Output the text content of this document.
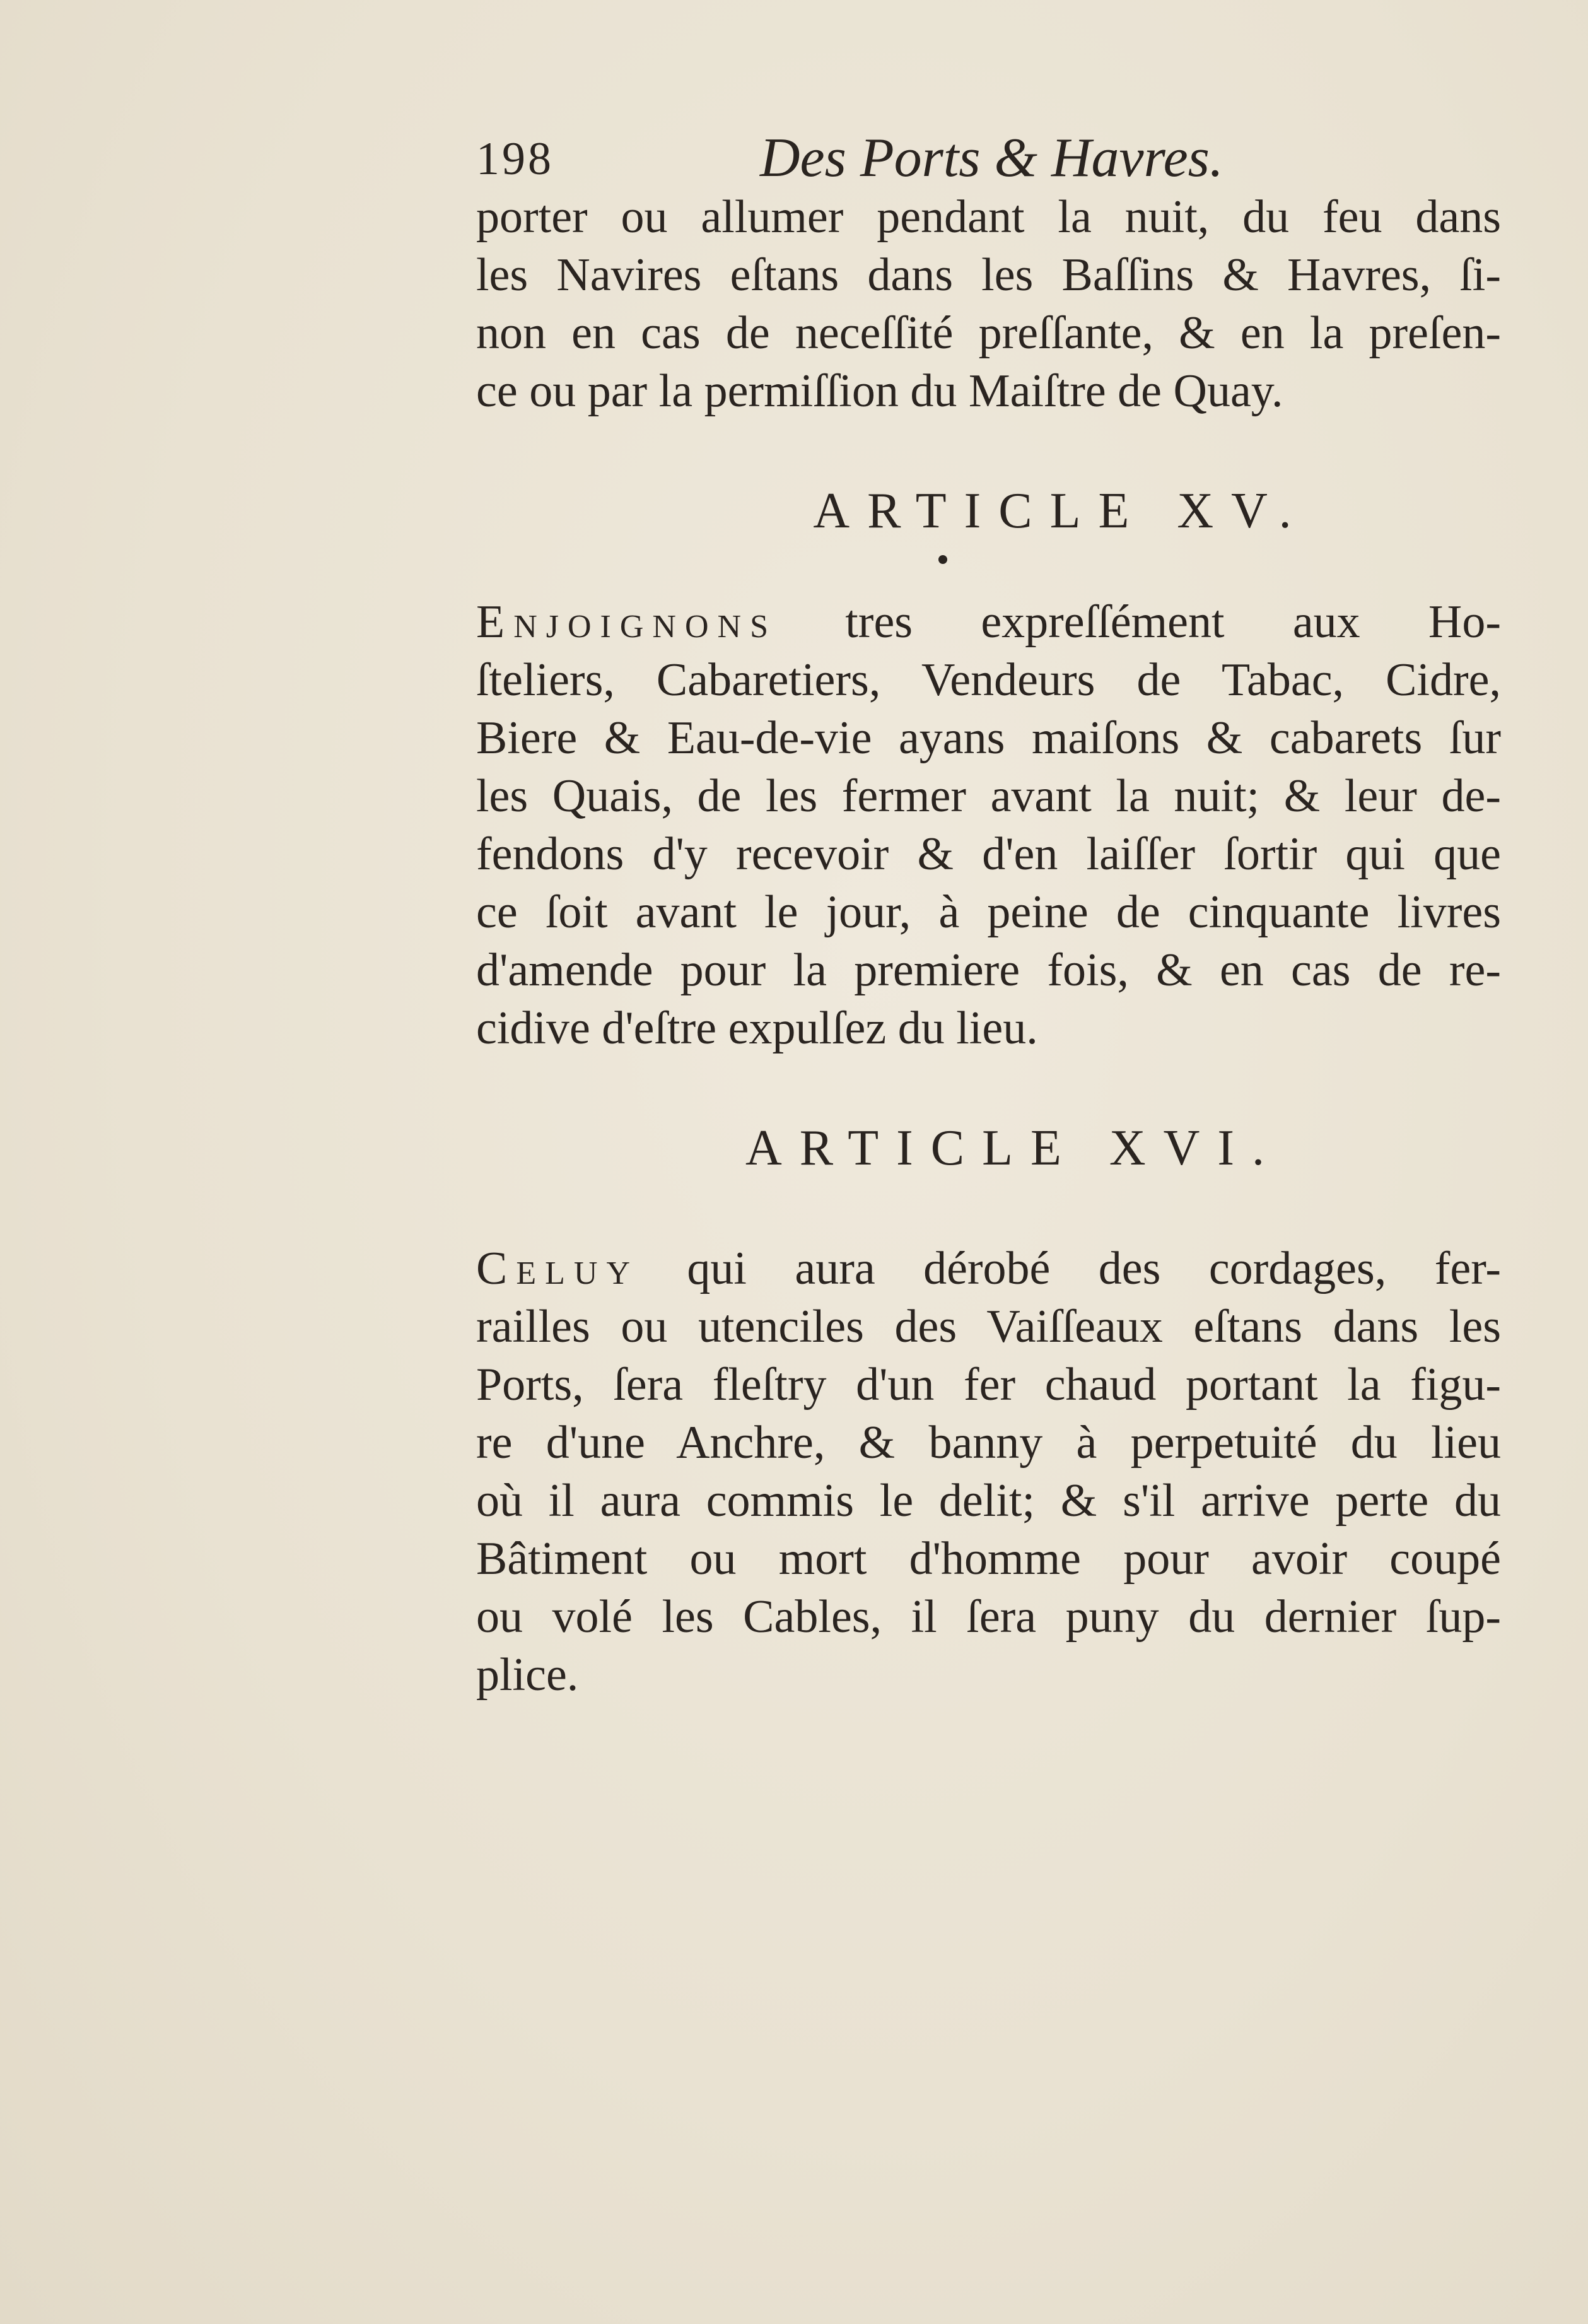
198	Des Ports & Havres.
porter ou allumer pendant la nuit, du feu dans
les Navires eſtans dans les Baſſins & Havres, ſi-
non en cas de neceſſité preſſante, & en la preſen-
ce ou par la permiſſion du Maiſtre de Quay.
ARTICLE XV.
Enjoignons tres expreſſément aux Ho-
ſteliers, Cabaretiers, Vendeurs de Tabac, Cidre,
Biere & Eau-de-vie ayans maiſons & cabarets ſur
les Quais, de les fermer avant la nuit; & leur de-
fendons d'y recevoir & d'en laiſſer ſortir qui que
ce ſoit avant le jour, à peine de cinquante livres
d'amende pour la premiere fois, & en cas de re-
cidive d'eſtre expulſez du lieu.
ARTICLE XVI.
Celuy qui aura dérobé des cordages, fer-
railles ou utenciles des Vaiſſeaux eſtans dans les
Ports, ſera fleſtry d'un fer chaud portant la figu-
re d'une Anchre, & banny à perpetuité du lieu
où il aura commis le delit; & s'il arrive perte du
Bâtiment ou mort d'homme pour avoir coupé
ou volé les Cables, il ſera puny du dernier ſup-
plice.
